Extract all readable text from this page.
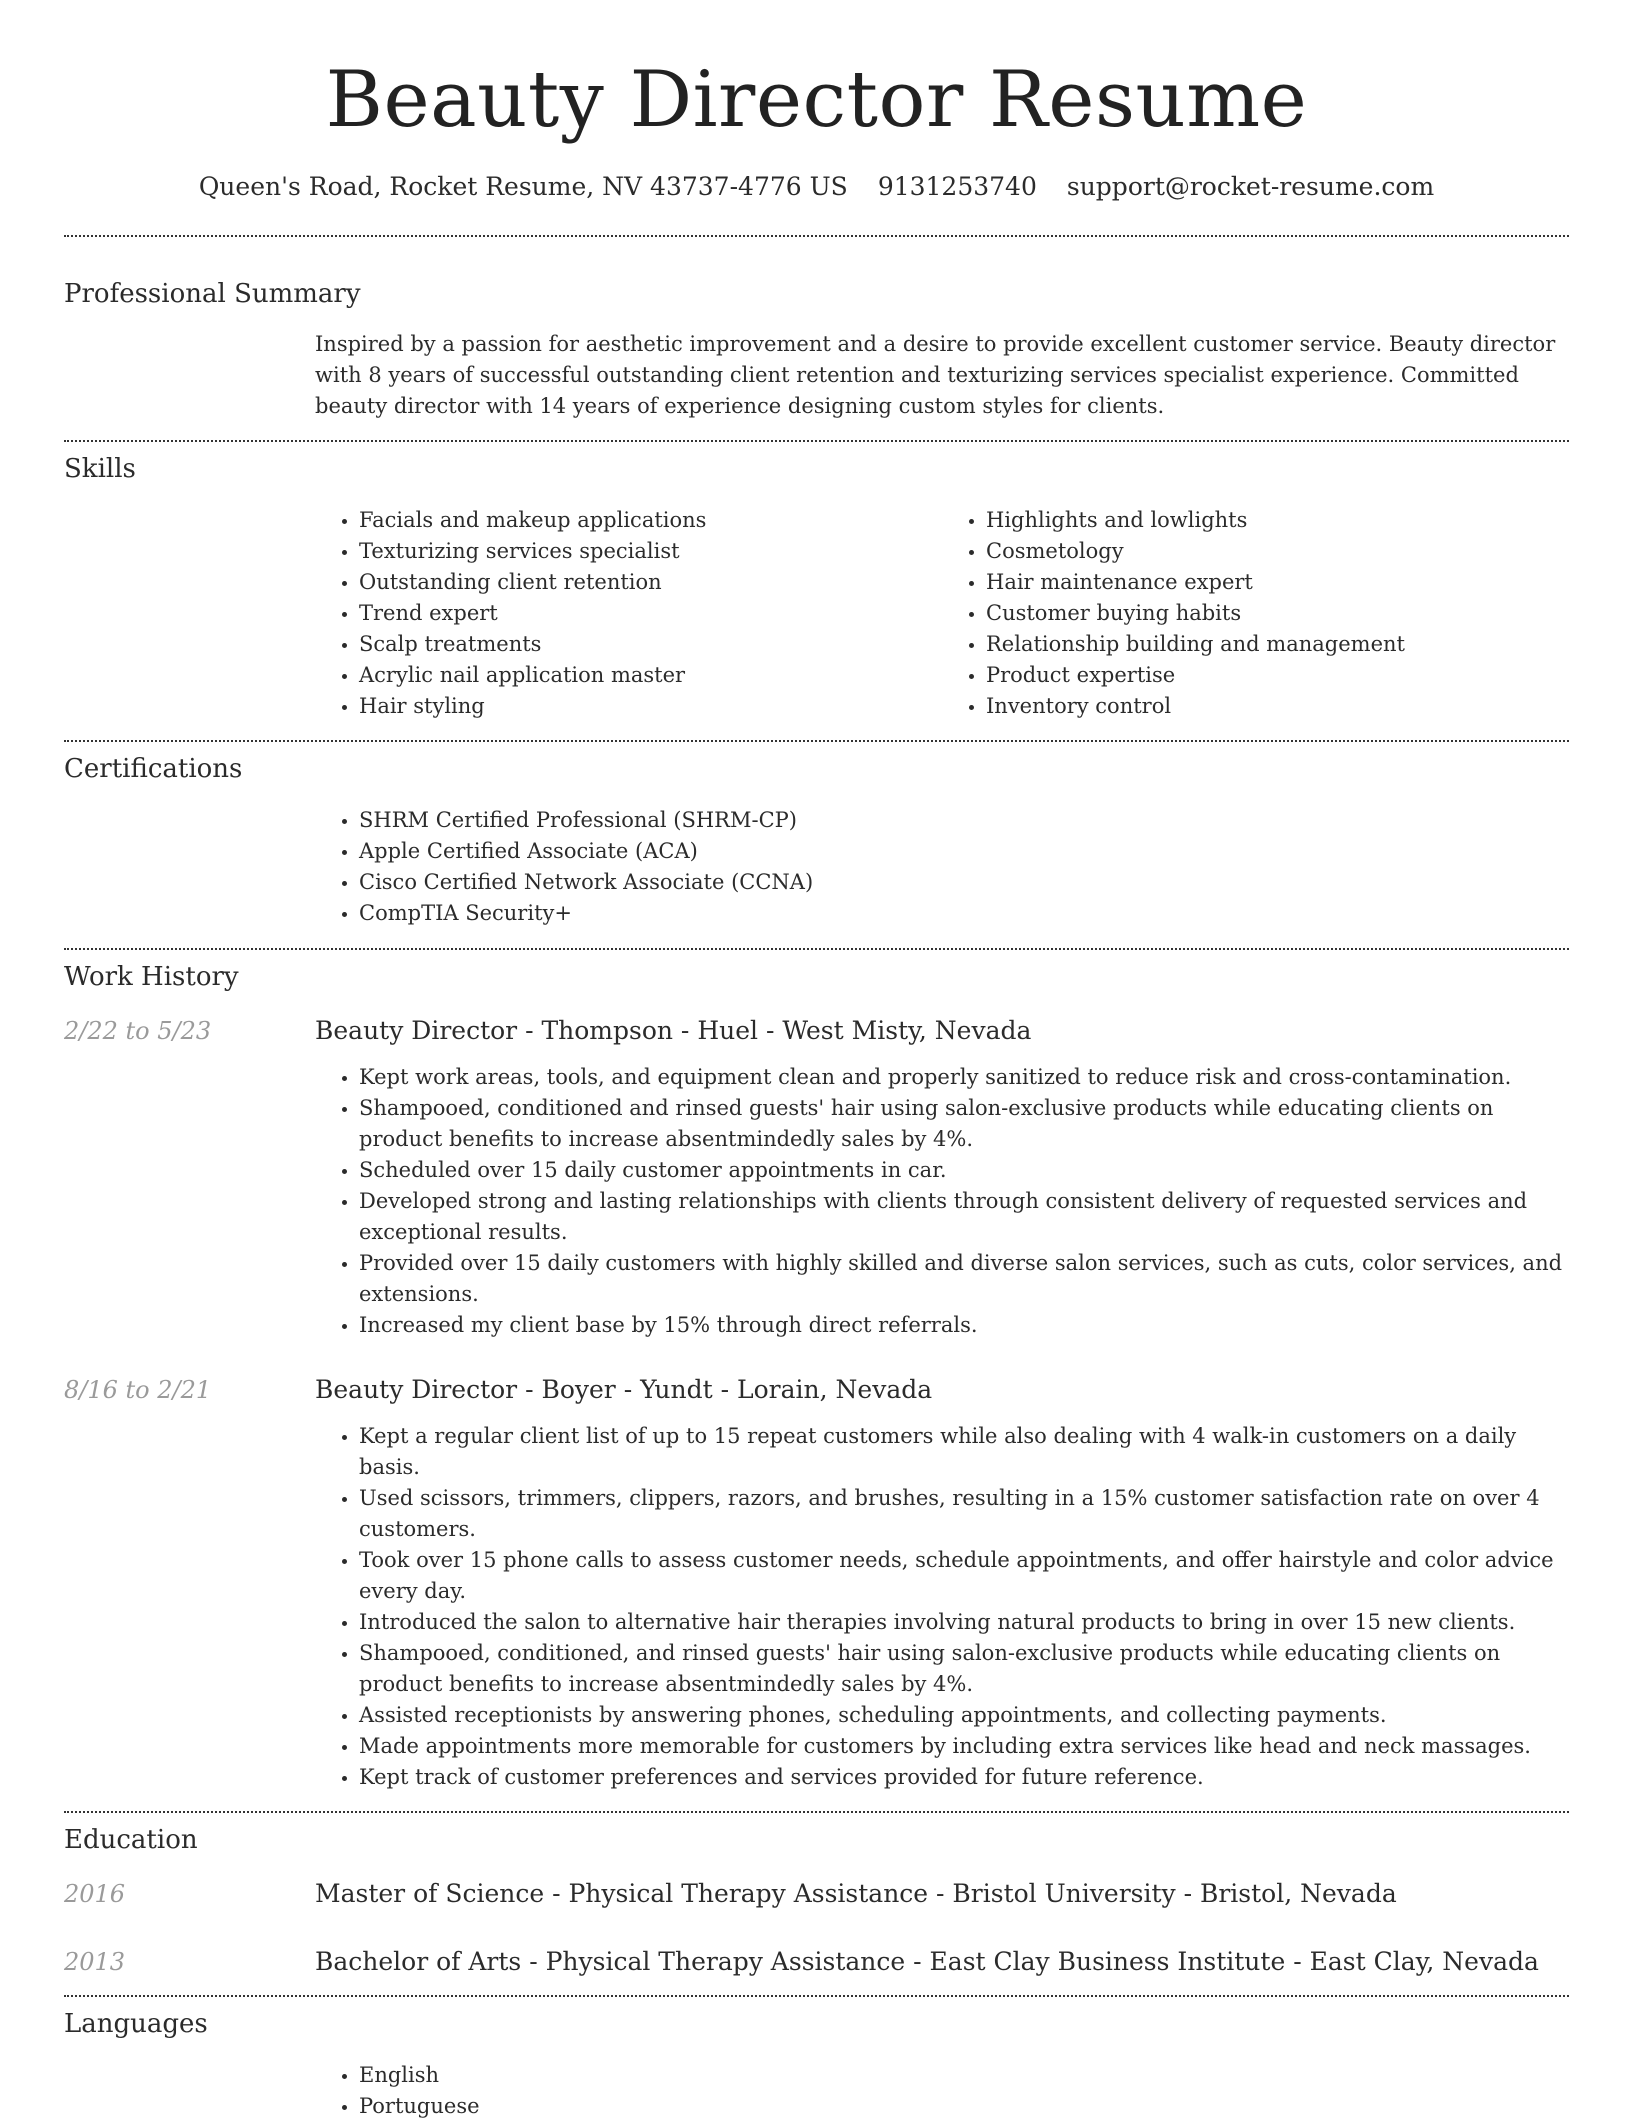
Beauty Director Resume
Queen's Road, Rocket Resume, NV 43737-4776 US 9131253740 support@rocket-resume.com
Professional Summary
Inspired by a passion for aesthetic improvement and a desire to provide excellent customer service. Beauty director with 8 years of successful outstanding client retention and texturizing services specialist experience. Committed beauty director with 14 years of experience designing custom styles for clients.
Skills
• Facials and makeup applications
• Texturizing services specialist
• Outstanding client retention
• Trend expert
• Scalp treatments
• Acrylic nail application master
• Hair styling
• Highlights and lowlights
• Cosmetology
• Hair maintenance expert
• Customer buying habits
• Relationship building and management
• Product expertise
• Inventory control
Certifications
• SHRM Certified Professional (SHRM-CP)
• Apple Certified Associate (ACA)
• Cisco Certified Network Associate (CCNA)
• CompTIA Security+
Work History
2/22 to 5/23	Beauty Director - Thompson - Huel - West Misty, Nevada
• Kept work areas, tools, and equipment clean and properly sanitized to reduce risk and cross-contamination.
• Shampooed, conditioned and rinsed guests' hair using salon-exclusive products while educating clients on product benefits to increase absentmindedly sales by 4%.
• Scheduled over 15 daily customer appointments in car.
• Developed strong and lasting relationships with clients through consistent delivery of requested services and exceptional results.
• Provided over 15 daily customers with highly skilled and diverse salon services, such as cuts, color services, and extensions.
• Increased my client base by 15% through direct referrals.
8/16 to 2/21	Beauty Director - Boyer - Yundt - Lorain, Nevada
• Kept a regular client list of up to 15 repeat customers while also dealing with 4 walk-in customers on a daily basis.
• Used scissors, trimmers, clippers, razors, and brushes, resulting in a 15% customer satisfaction rate on over 4 customers.
• Took over 15 phone calls to assess customer needs, schedule appointments, and offer hairstyle and color advice every day.
• Introduced the salon to alternative hair therapies involving natural products to bring in over 15 new clients.
• Shampooed, conditioned, and rinsed guests' hair using salon-exclusive products while educating clients on product benefits to increase absentmindedly sales by 4%.
• Assisted receptionists by answering phones, scheduling appointments, and collecting payments.
• Made appointments more memorable for customers by including extra services like head and neck massages.
• Kept track of customer preferences and services provided for future reference.
Education
2016	Master of Science - Physical Therapy Assistance - Bristol University - Bristol, Nevada
2013	Bachelor of Arts - Physical Therapy Assistance - East Clay Business Institute - East Clay, Nevada
Languages
• English
• Portuguese
